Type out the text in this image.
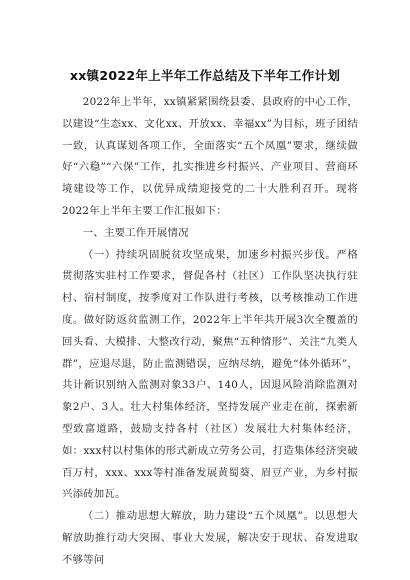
xx镇2022年上半年工作总结及下半年工作计划

2022年上半年，xx镇紧紧围绕县委、县政府的中心工作，以建设“生态xx、文化xx、开放xx、幸福xx”为目标，班子团结一致，认真谋划各项工作，全面落实“五个凤凰”要求，继续做好“六稳”“六保”工作，扎实推进乡村振兴、产业项目、营商环境建设等工作，以优异成绩迎接党的二十大胜利召开。现将2022年上半年主要工作汇报如下：

一、主要工作开展情况

（一）持续巩固脱贫攻坚成果，加速乡村振兴步伐。严格贯彻落实驻村工作要求，督促各村（社区）工作队坚决执行驻村、宿村制度，按季度对工作队进行考核，以考核推动工作进度。做好防返贫监测工作，2022年上半年共开展3次全覆盖的回头看、大模排、大整改行动，聚焦“五种情形”、关注“九类人群”，应退尽退，防止监测错误，应纳尽纳，避免“体外循环”，共计新识别纳入监测对象33户、140人，因退风险消除监测对象2户、3人。壮大村集体经济，坚持发展产业走在前，探索新型致富道路，鼓励支持各村（社区）发展壮大村集体经济，如：xxx村以村集体的形式新成立劳务公司，打造集体经济突破百万村，xxx、xxx等村准备发展黄蜀葵、眉豆产业，为乡村振兴添砖加瓦。

（二）推动思想大解放，助力建设“五个凤凰”。以思想大解放助推行动大突围、事业大发展，解决安于现状、奋发进取不够等问
